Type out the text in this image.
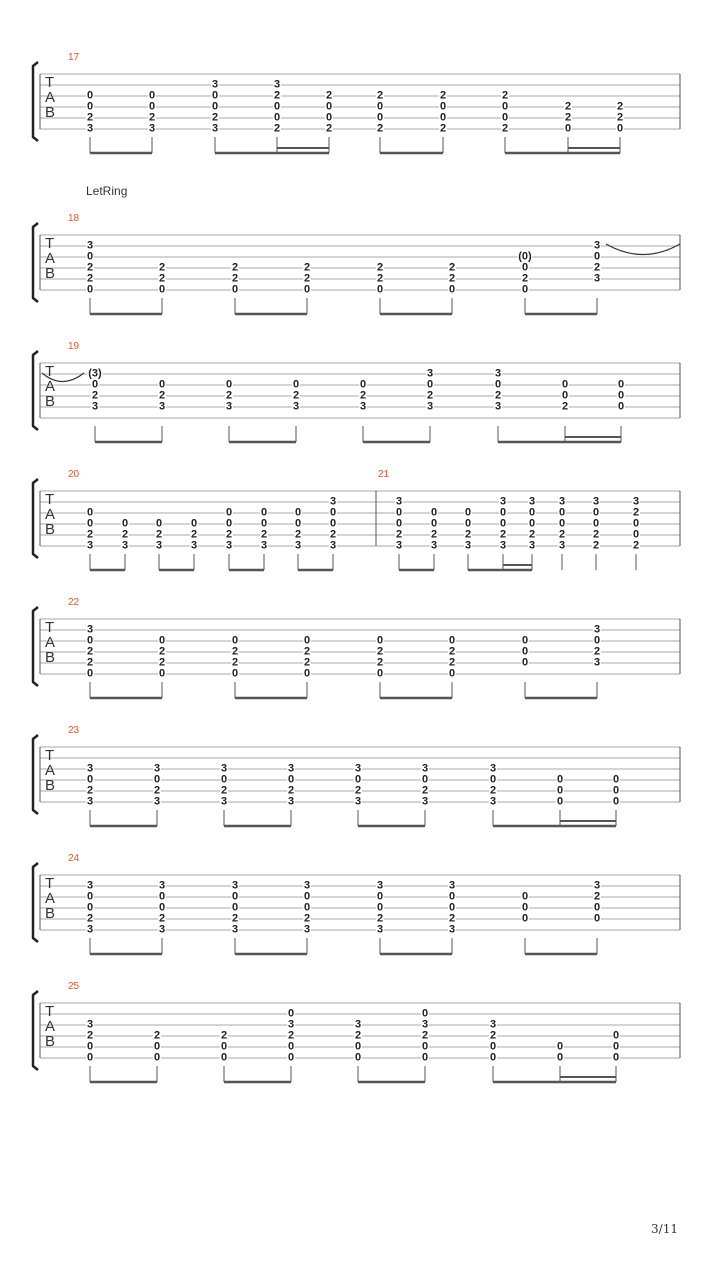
17
T
A
B
0
0
2
3
0
0
2
3
3
0
0
2
3
3
2
0
0
2
2
0
0
2
2
0
0
2
2
0
0
2
2
0
0
2
2
2
0
2
2
0
18
T
A
B
3
0
2
2
0
2
2
0
2
2
0
2
2
0
2
2
0
2
2
0
(0)
0
2
0
3
0
2
3
19
T
A
B
(3)
0
2
3
0
2
3
0
2
3
0
2
3
0
2
3
3
0
2
3
3
0
2
3
0
0
2
0
0
0
20	21
T
A
B
0
0
2
3
0
2
3
0
2
3
0
2
3
0
0
2
3
0
0
2
3
0
0
2
3
3
0
0
2
3
3
0
0
2
3
0
0
2
3
0
0
2
3
3
0
0
2
3
3
0
0
2
3
3
0
0
2
3
3
0
0
2
2
3
2
0
0
2
22
T
A
B
3
0
2
2
0
0
2
2
0
0
2
2
0
0
2
2
0
0
2
2
0
0
2
2
0
0
0
0
3
0
2
3
23
T
A
B
3
0
2
3
3
0
2
3
3
0
2
3
3
0
2
3
3
0
2
3
3
0
2
3
3
0
2
3
0
0
0
0
0
0
24
T
A
B
3
0
0
2
3
3
0
0
2
3
3
0
0
2
3
3
0
0
2
3
3
0
0
2
3
3
0
0
2
3
0
0
0
3
2
0
0
25
T
A
B
3
2
0
0
2
0
0
2
0
0
0
3
2
0
0
3
2
0
0
0
3
2
0
0
3
2
0
0
0
0
0
0
0
LetRing
3/11
